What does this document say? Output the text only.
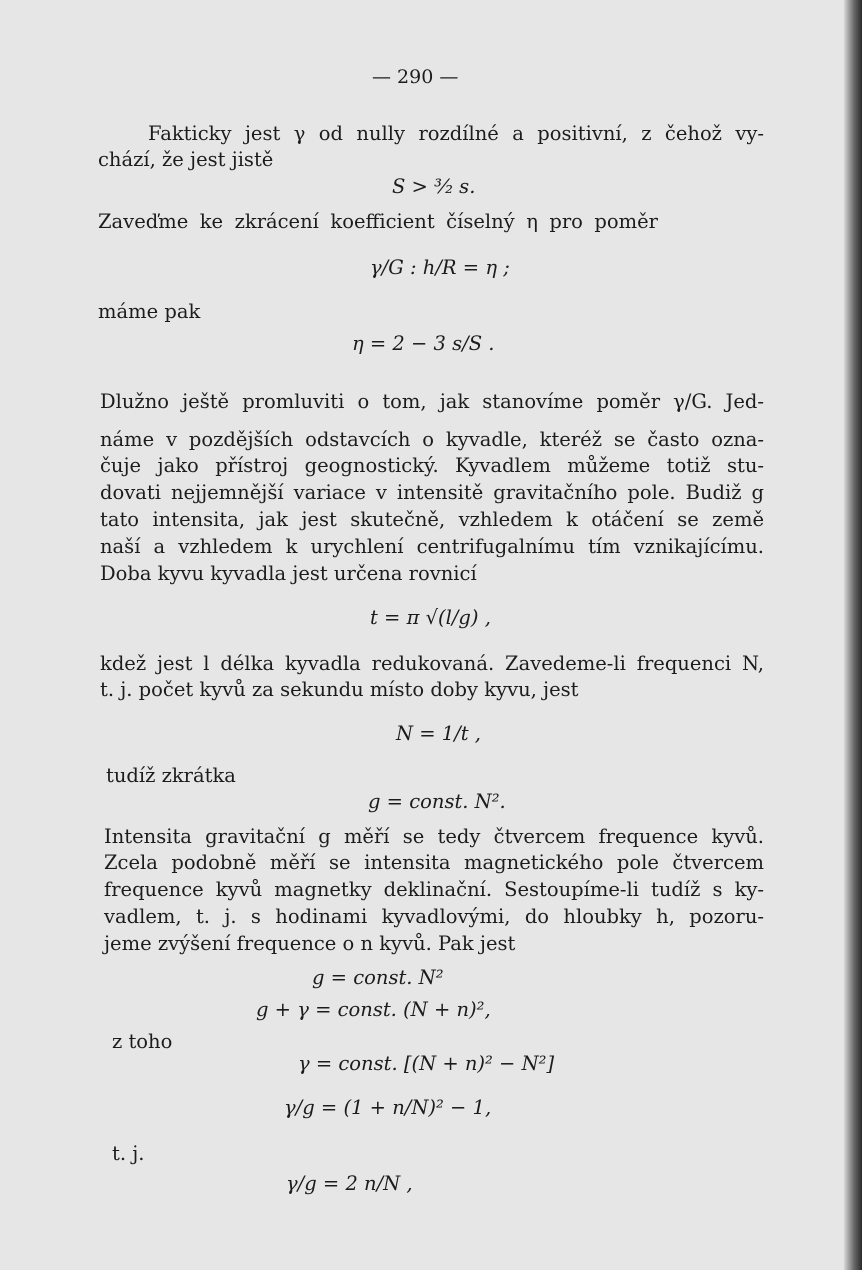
— 290 —
Fakticky jest γ od nully rozdílné a positivní, z čehož vy-
chází, že jest jistě
S > ³⁄₂ s.
Zaveďme ke zkrácení koefficient číselný η pro poměr
γ/G : h/R = η ;
máme pak
η = 2 − 3 s/S .
Dlužno ještě promluviti o tom, jak stanovíme poměr γ/G. Jed-
náme v pozdějších odstavcích o kyvadle, kteréž se často ozna-
čuje jako přístroj geognostický. Kyvadlem můžeme totiž stu-
dovati nejjemnější variace v intensitě gravitačního pole. Budiž g
tato intensita, jak jest skutečně, vzhledem k otáčení se země
naší a vzhledem k urychlení centrifugalnímu tím vznikajícímu.
Doba kyvu kyvadla jest určena rovnicí
t = π √(l/g) ,
kdež jest l délka kyvadla redukovaná. Zavedeme-li frequenci N,
t. j. počet kyvů za sekundu místo doby kyvu, jest
N = 1/t ,
tudíž zkrátka
g = const. N².
Intensita gravitační g měří se tedy čtvercem frequence kyvů.
Zcela podobně měří se intensita magnetického pole čtvercem
frequence kyvů magnetky deklinační. Sestoupíme-li tudíž s ky-
vadlem, t. j. s hodinami kyvadlovými, do hloubky h, pozoru-
jeme zvýšení frequence o n kyvů. Pak jest
g = const. N²
g + γ = const. (N + n)²,
z toho
γ = const. [(N + n)² − N²]
γ/g = (1 + n/N)² − 1,
t. j.
γ/g = 2 n/N ,
